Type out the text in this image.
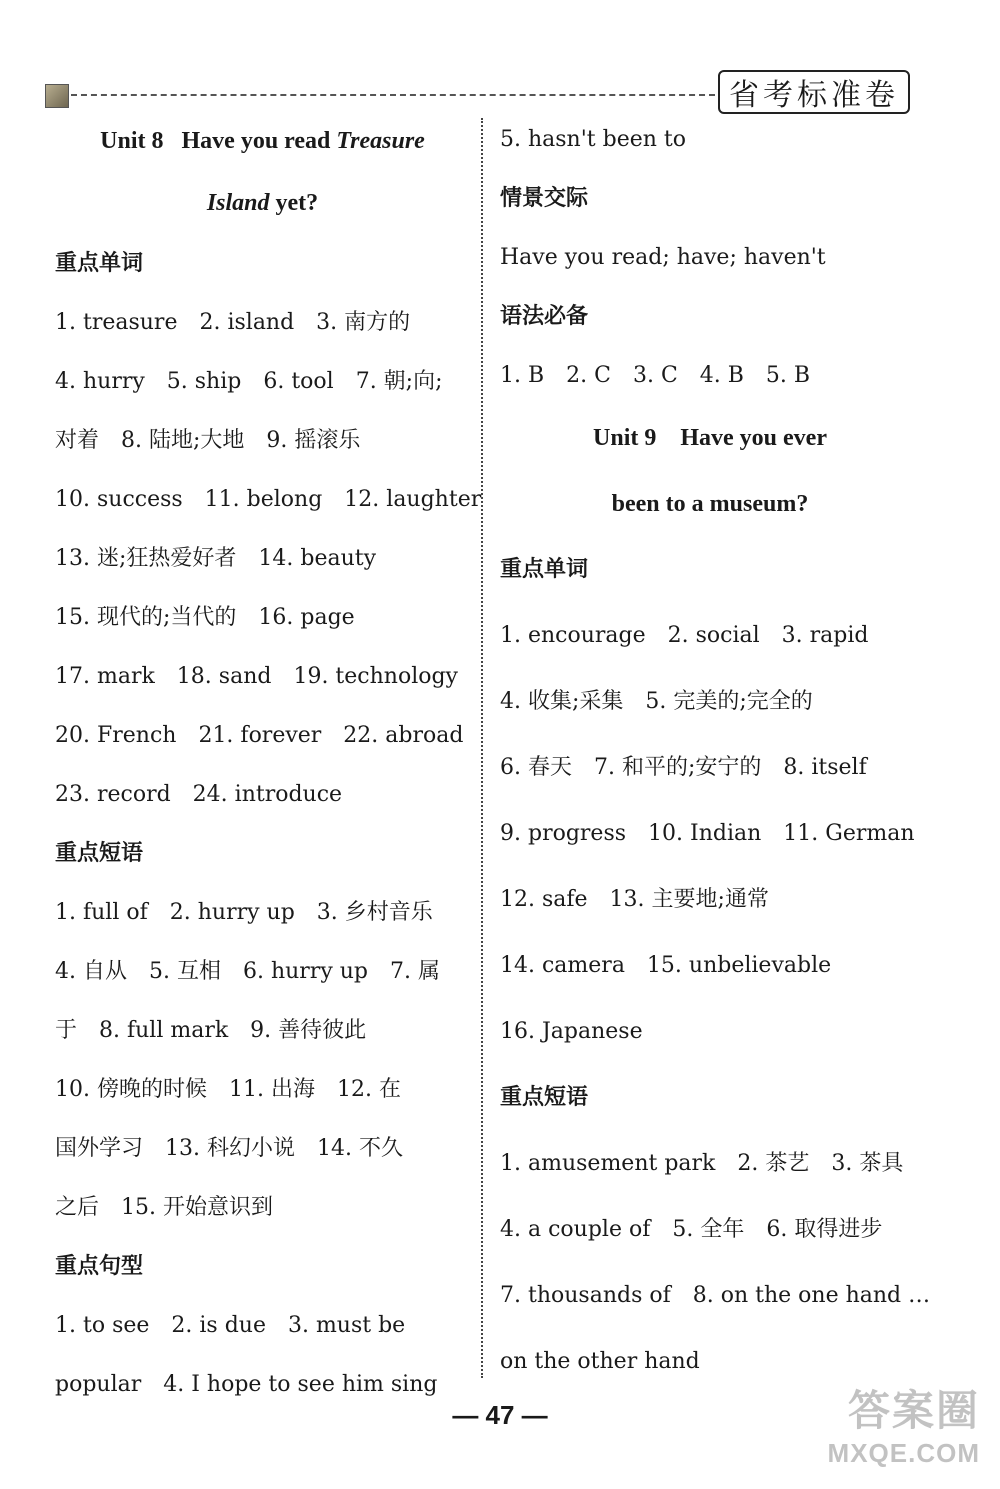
省考标准卷
Unit 8 Have you read Treasure
Island yet?
重点单词
1. treasure　2. island　3. 南方的
4. hurry　5. ship　6. tool　7. 朝;向;
对着　8. 陆地;大地　9. 摇滚乐
10. success　11. belong　12. laughter
13. 迷;狂热爱好者　14. beauty
15. 现代的;当代的　16. page
17. mark　18. sand　19. technology
20. French　21. forever　22. abroad
23. record　24. introduce
重点短语
1. full of　2. hurry up　3. 乡村音乐
4. 自从　5. 互相　6. hurry up　7. 属
于　8. full mark　9. 善待彼此
10. 傍晚的时候　11. 出海　12. 在
国外学习　13. 科幻小说　14. 不久
之后　15. 开始意识到
重点句型
1. to see　2. is due　3. must be
popular　4. I hope to see him sing
5. hasn't been to
情景交际
Have you read; have; haven't
语法必备
1. B　2. C　3. C　4. B　5. B
Unit 9　Have you ever
been to a museum?
重点单词
1. encourage　2. social　3. rapid
4. 收集;采集　5. 完美的;完全的
6. 春天　7. 和平的;安宁的　8. itself
9. progress　10. Indian　11. German
12. safe　13. 主要地;通常
14. camera　15. unbelievable
16. Japanese
重点短语
1. amusement park　2. 茶艺　3. 茶具
4. a couple of　5. 全年　6. 取得进步
7. thousands of　8. on the one hand …
on the other hand
— 47 —	答案圈
MXQE.COM
